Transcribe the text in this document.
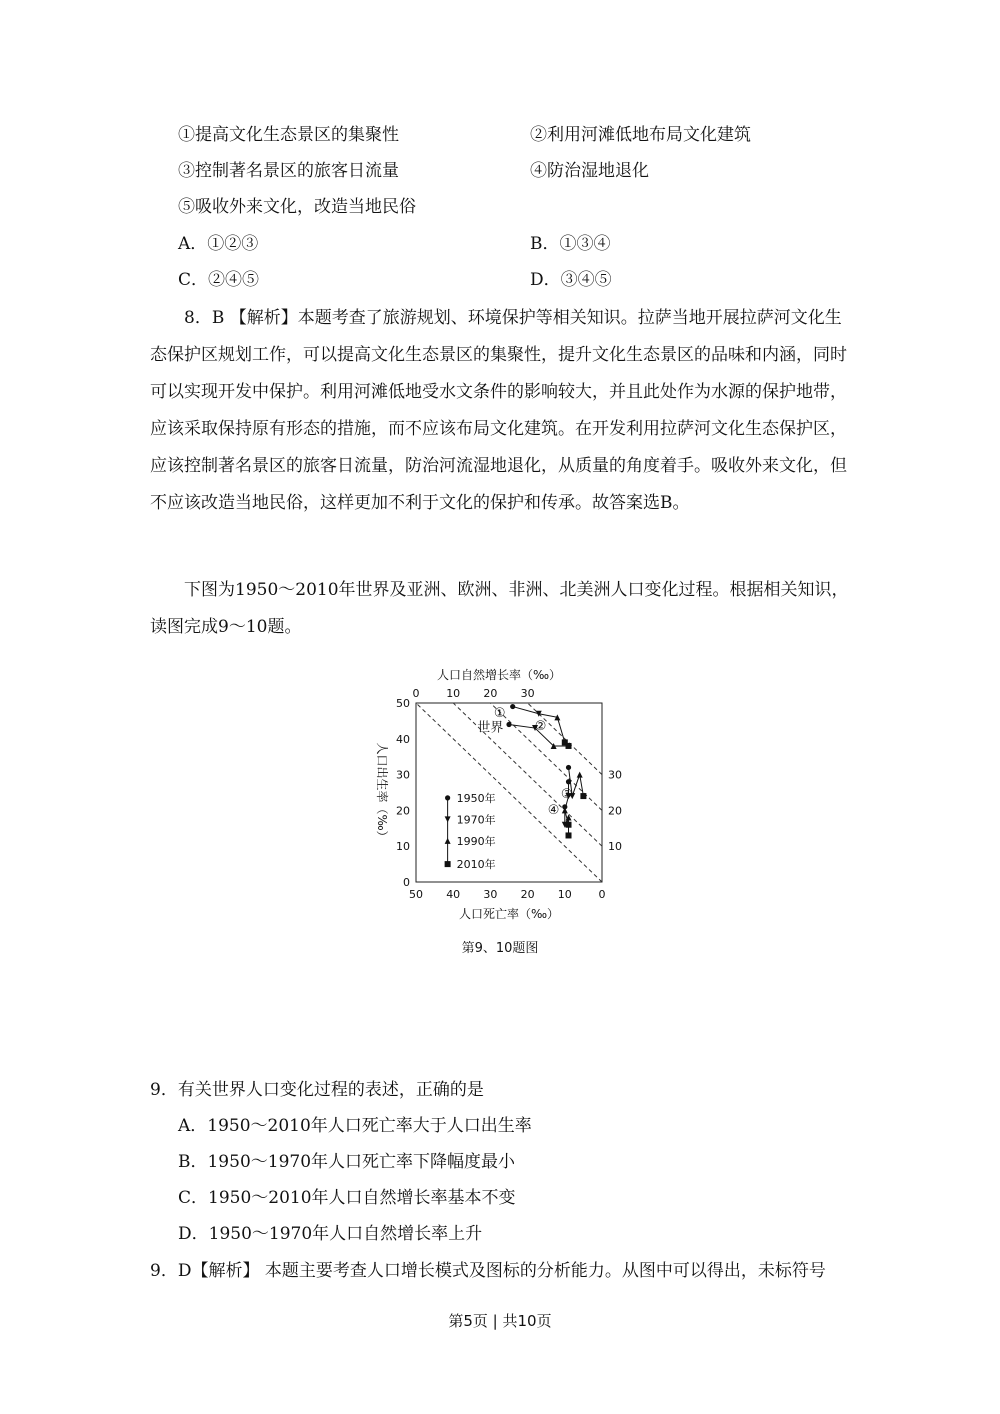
①提高文化生态景区的集聚性	②利用河滩低地布局文化建筑
③控制著名景区的旅客日流量	④防治湿地退化
⑤吸收外来文化，改造当地民俗
A．①②③	B．①③④
C．②④⑤	D．③④⑤
8．B 【解析】本题考查了旅游规划、环境保护等相关知识。拉萨当地开展拉萨河文化生态保护区规划工作，可以提高文化生态景区的集聚性，提升文化生态景区的品味和内涵，同时可以实现开发中保护。利用河滩低地受水文条件的影响较大，并且此处作为水源的保护地带，应该采取保持原有形态的措施，而不应该布局文化建筑。在开发利用拉萨河文化生态保护区，应该控制著名景区的旅客日流量，防治河流湿地退化，从质量的角度着手。吸收外来文化，但不应该改造当地民俗，这样更加不利于文化的保护和传承。故答案选B。
下图为1950～2010年世界及亚洲、欧洲、非洲、北美洲人口变化过程。根据相关知识，读图完成9～10题。
50 40 30 20 10 0
0
10
20
30
40
50
0 10 20 30
30
20
10
人口自然增长率（‰）
人口死亡率（‰）
人口出生率（‰）
①
②
③
④
世界
1950年
1970年
1990年
2010年
第9、10题图
9．有关世界人口变化过程的表述，正确的是
A．1950～2010年人口死亡率大于人口出生率
B．1950～1970年人口死亡率下降幅度最小
C．1950～2010年人口自然增长率基本不变
D．1950～1970年人口自然增长率上升
9．D【解析】 本题主要考查人口增长模式及图标的分析能力。从图中可以得出，未标符号
第5页 | 共10页
